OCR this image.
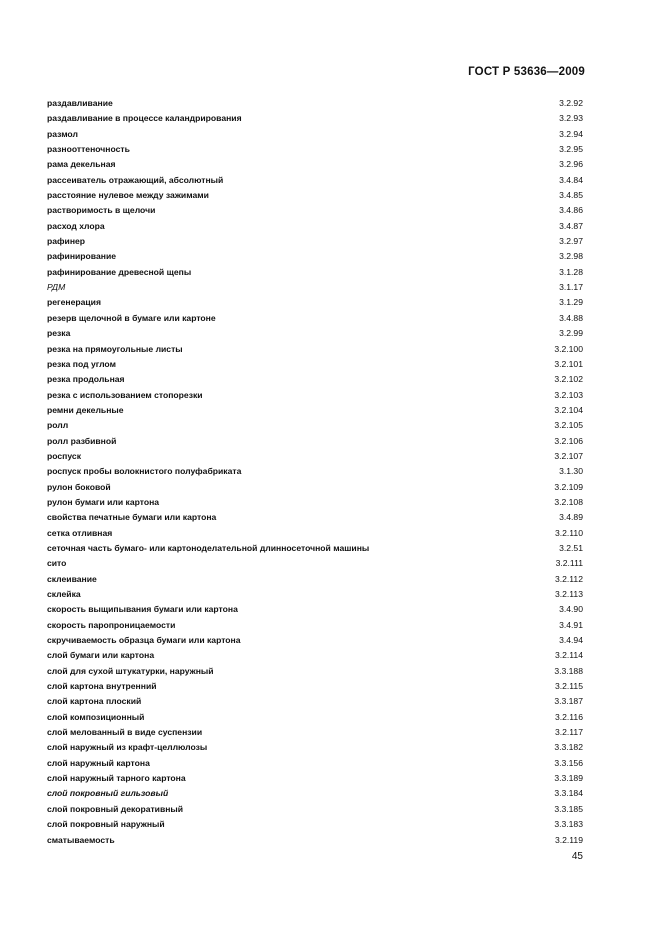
ГОСТ Р 53636—2009
раздавливание	3.2.92
раздавливание в процессе каландрирования	3.2.93
размол	3.2.94
разнооттеночность	3.2.95
рама декельная	3.2.96
рассеиватель отражающий, абсолютный	3.4.84
расстояние нулевое между зажимами	3.4.85
растворимость в щелочи	3.4.86
расход хлора	3.4.87
рафинер	3.2.97
рафинирование	3.2.98
рафинирование древесной щепы	3.1.28
РДМ	3.1.17
регенерация	3.1.29
резерв щелочной в бумаге или картоне	3.4.88
резка	3.2.99
резка на прямоугольные листы	3.2.100
резка под углом	3.2.101
резка продольная	3.2.102
резка с использованием стопорезки	3.2.103
ремни декельные	3.2.104
ролл	3.2.105
ролл разбивной	3.2.106
роспуск	3.2.107
роспуск пробы волокнистого полуфабриката	3.1.30
рулон боковой	3.2.109
рулон бумаги или картона	3.2.108
свойства печатные бумаги или картона	3.4.89
сетка отливная	3.2.110
сеточная часть бумаго- или картоноделательной длинносеточной машины	3.2.51
сито	3.2.111
склеивание	3.2.112
склейка	3.2.113
скорость выщипывания бумаги или картона	3.4.90
скорость паропроницаемости	3.4.91
скручиваемость образца бумаги или картона	3.4.94
слой бумаги или картона	3.2.114
слой для сухой штукатурки, наружный	3.3.188
слой картона внутренний	3.2.115
слой картона плоский	3.3.187
слой композиционный	3.2.116
слой мелованный в виде суспензии	3.2.117
слой наружный из крафт-целлюлозы	3.3.182
слой наружный картона	3.3.156
слой наружный тарного картона	3.3.189
слой покровный гильзовый	3.3.184
слой покровный декоративный	3.3.185
слой покровный наружный	3.3.183
сматываемость	3.2.119
45
